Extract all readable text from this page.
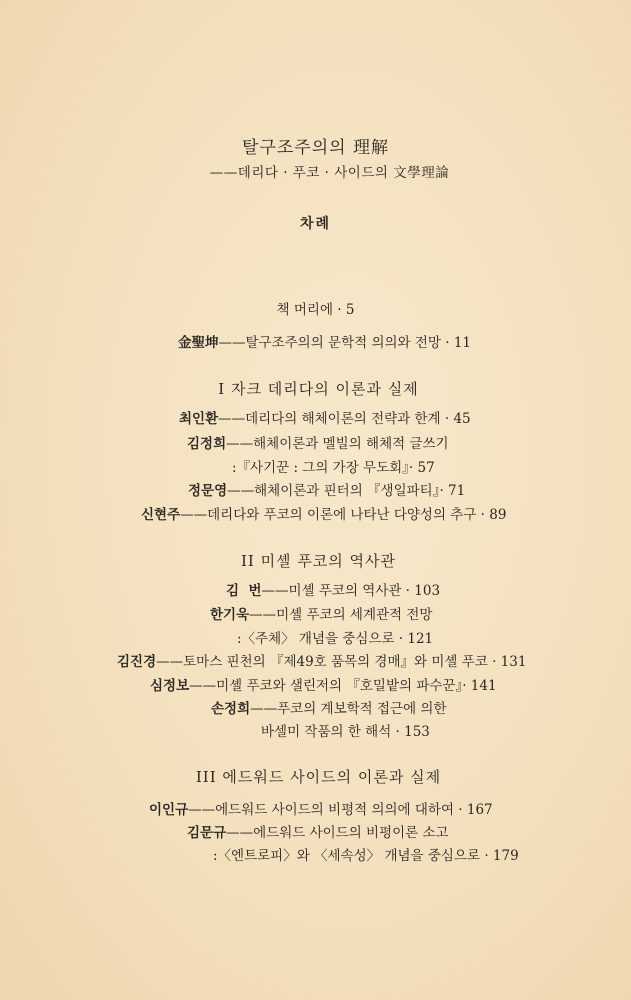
탈구조주의의 理解
——데리다 · 푸코 · 사이드의 文學理論
차례
책 머리에 · 5
金聖坤——탈구조주의의 문학적 의의와 전망 · 11
I 자크 데리다의 이론과 실제
최인환——데리다의 해체이론의 전략과 한계 · 45
김정희——해체이론과 멜빌의 해체적 글쓰기
:『사기꾼 : 그의 가장 무도회』· 57
정문영——해체이론과 핀터의 『생일파티』· 71
신현주——데리다와 푸코의 이론에 나타난 다양성의 추구 · 89
II 미셸 푸코의 역사관
김  번——미셸 푸코의 역사관 · 103
한기욱——미셸 푸코의 세계관적 전망
:〈주체〉 개념을 중심으로 · 121
김진경——토마스 핀천의 『제49호 품목의 경매』와 미셸 푸코 · 131
심정보——미셸 푸코와 샐린저의 『호밀밭의 파수꾼』· 141
손정희——푸코의 계보학적 접근에 의한
바셀미 작품의 한 해석 · 153
III 에드워드 사이드의 이론과 실제
이인규——에드워드 사이드의 비평적 의의에 대하여 · 167
김문규——에드워드 사이드의 비평이론 소고
:〈엔트로피〉와 〈세속성〉 개념을 중심으로 · 179
